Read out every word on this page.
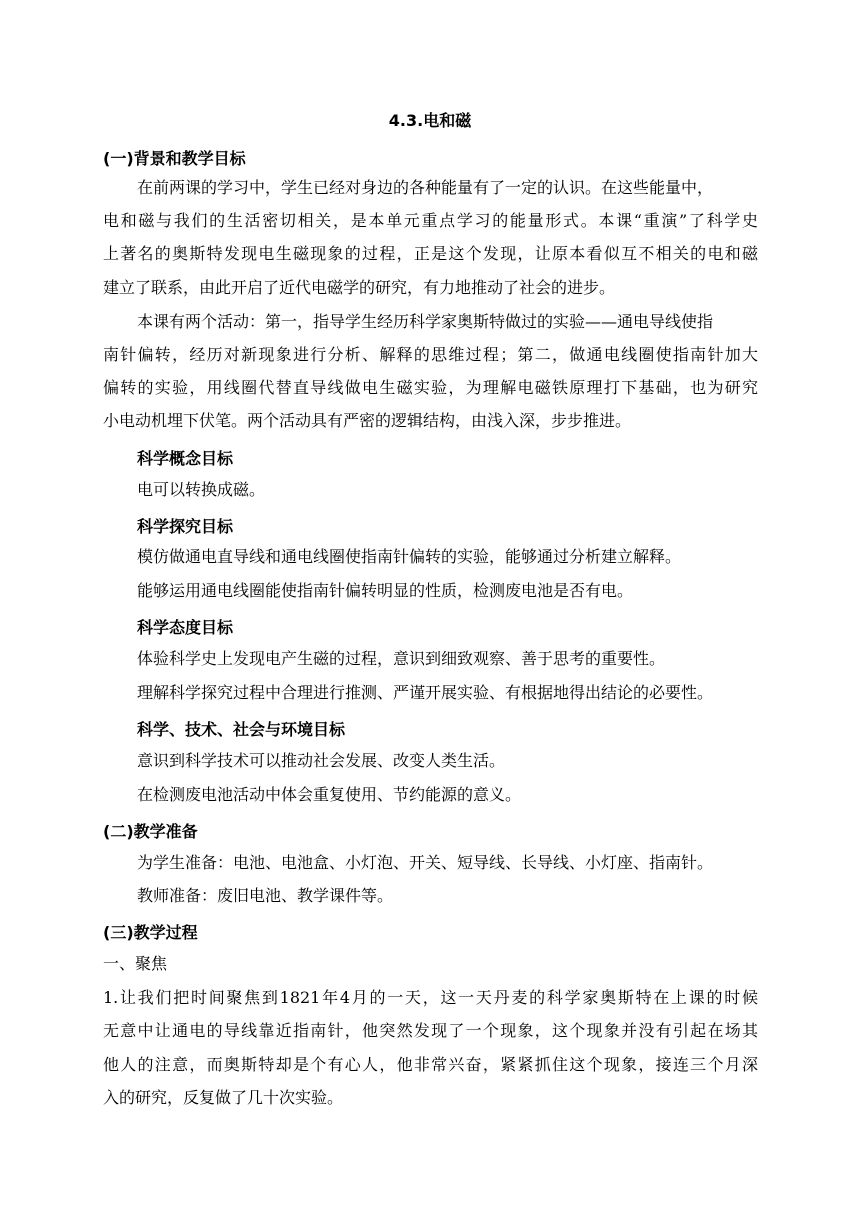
4.3.电和磁
(一)背景和教学目标
在前两课的学习中，学生已经对身边的各种能量有了一定的认识。在这些能量中，
电和磁与我们的生活密切相关，是本单元重点学习的能量形式。本课“重演”了科学史
上著名的奥斯特发现电生磁现象的过程，正是这个发现，让原本看似互不相关的电和磁
建立了联系，由此开启了近代电磁学的研究，有力地推动了社会的进步。
本课有两个活动：第一，指导学生经历科学家奥斯特做过的实验——通电导线使指
南针偏转，经历对新现象进行分析、解释的思维过程；第二，做通电线圈使指南针加大
偏转的实验，用线圈代替直导线做电生磁实验，为理解电磁铁原理打下基础，也为研究
小电动机埋下伏笔。两个活动具有严密的逻辑结构，由浅入深，步步推进。
科学概念目标
电可以转换成磁。
科学探究目标
模仿做通电直导线和通电线圈使指南针偏转的实验，能够通过分析建立解释。
能够运用通电线圈能使指南针偏转明显的性质，检测废电池是否有电。
科学态度目标
体验科学史上发现电产生磁的过程，意识到细致观察、善于思考的重要性。
理解科学探究过程中合理进行推测、严谨开展实验、有根据地得出结论的必要性。
科学、技术、社会与环境目标
意识到科学技术可以推动社会发展、改变人类生活。
在检测废电池活动中体会重复使用、节约能源的意义。
(二)教学准备
为学生准备：电池、电池盒、小灯泡、开关、短导线、长导线、小灯座、指南针。
教师准备：废旧电池、教学课件等。
(三)教学过程
一、聚焦
1.让我们把时间聚焦到1821年4月的一天，这一天丹麦的科学家奥斯特在上课的时候
无意中让通电的导线靠近指南针，他突然发现了一个现象，这个现象并没有引起在场其
他人的注意，而奥斯特却是个有心人，他非常兴奋，紧紧抓住这个现象，接连三个月深
入的研究，反复做了几十次实验。
